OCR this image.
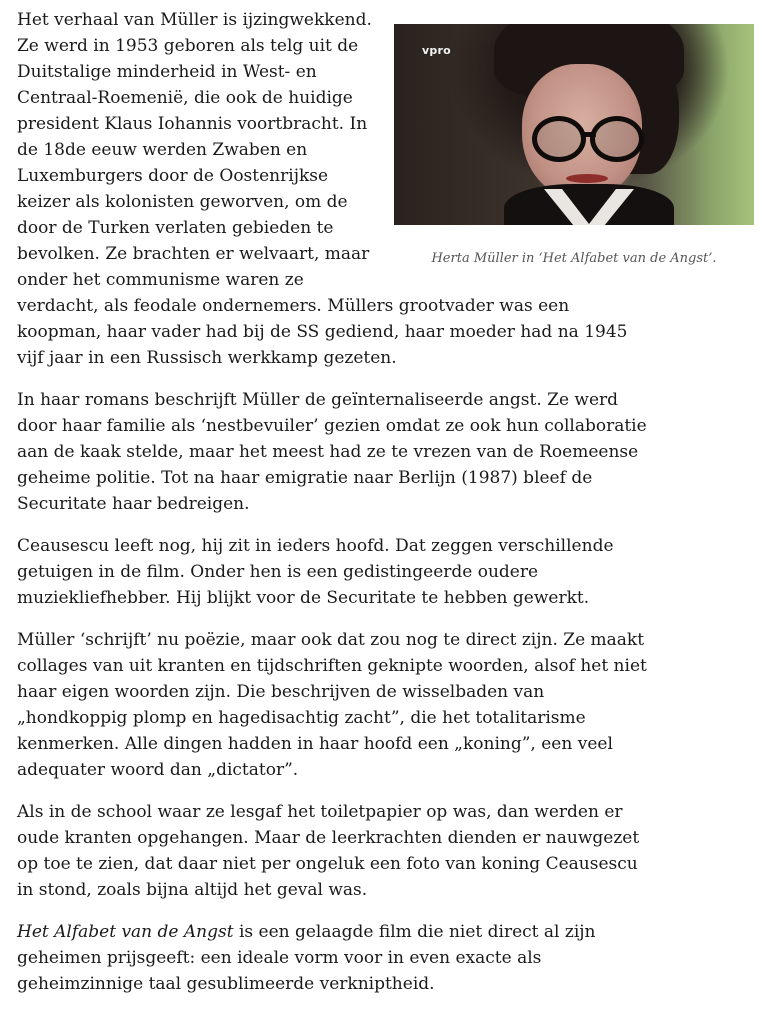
vpro
Herta Müller in ‘Het Alfabet van de Angst’.

Het verhaal van Müller is ijzingwekkend. Ze werd in 1953 geboren als telg uit de Duitstalige minderheid in West- en Centraal-Roemenië, die ook de huidige president Klaus Iohannis voortbracht. In de 18de eeuw werden Zwaben en Luxemburgers door de Oostenrijkse keizer als kolonisten geworven, om de door de Turken verlaten gebieden te bevolken. Ze brachten er welvaart, maar onder het communisme waren ze verdacht, als feodale ondernemers. Müllers grootvader was een koopman, haar vader had bij de SS gediend, haar moeder had na 1945 vijf jaar in een Russisch werkkamp gezeten.

In haar romans beschrijft Müller de geïnternaliseerde angst. Ze werd door haar familie als ‘nestbevuiler’ gezien omdat ze ook hun collaboratie aan de kaak stelde, maar het meest had ze te vrezen van de Roemeense geheime politie. Tot na haar emigratie naar Berlijn (1987) bleef de Securitate haar bedreigen.

Ceausescu leeft nog, hij zit in ieders hoofd. Dat zeggen verschillende getuigen in de film. Onder hen is een gedistingeerde oudere muziekliefhebber. Hij blijkt voor de Securitate te hebben gewerkt.

Müller ‘schrijft’ nu poëzie, maar ook dat zou nog te direct zijn. Ze maakt collages van uit kranten en tijdschriften geknipte woorden, alsof het niet haar eigen woorden zijn. Die beschrijven de wisselbaden van „hondkoppig plomp en hagedisachtig zacht”, die het totalitarisme kenmerken. Alle dingen hadden in haar hoofd een „koning”, een veel adequater woord dan „dictator”.

Als in de school waar ze lesgaf het toiletpapier op was, dan werden er oude kranten opgehangen. Maar de leerkrachten dienden er nauwgezet op toe te zien, dat daar niet per ongeluk een foto van koning Ceausescu in stond, zoals bijna altijd het geval was.

Het Alfabet van de Angst is een gelaagde film die niet direct al zijn geheimen prijsgeeft: een ideale vorm voor in even exacte als geheimzinnige taal gesublimeerde verkniptheid.
